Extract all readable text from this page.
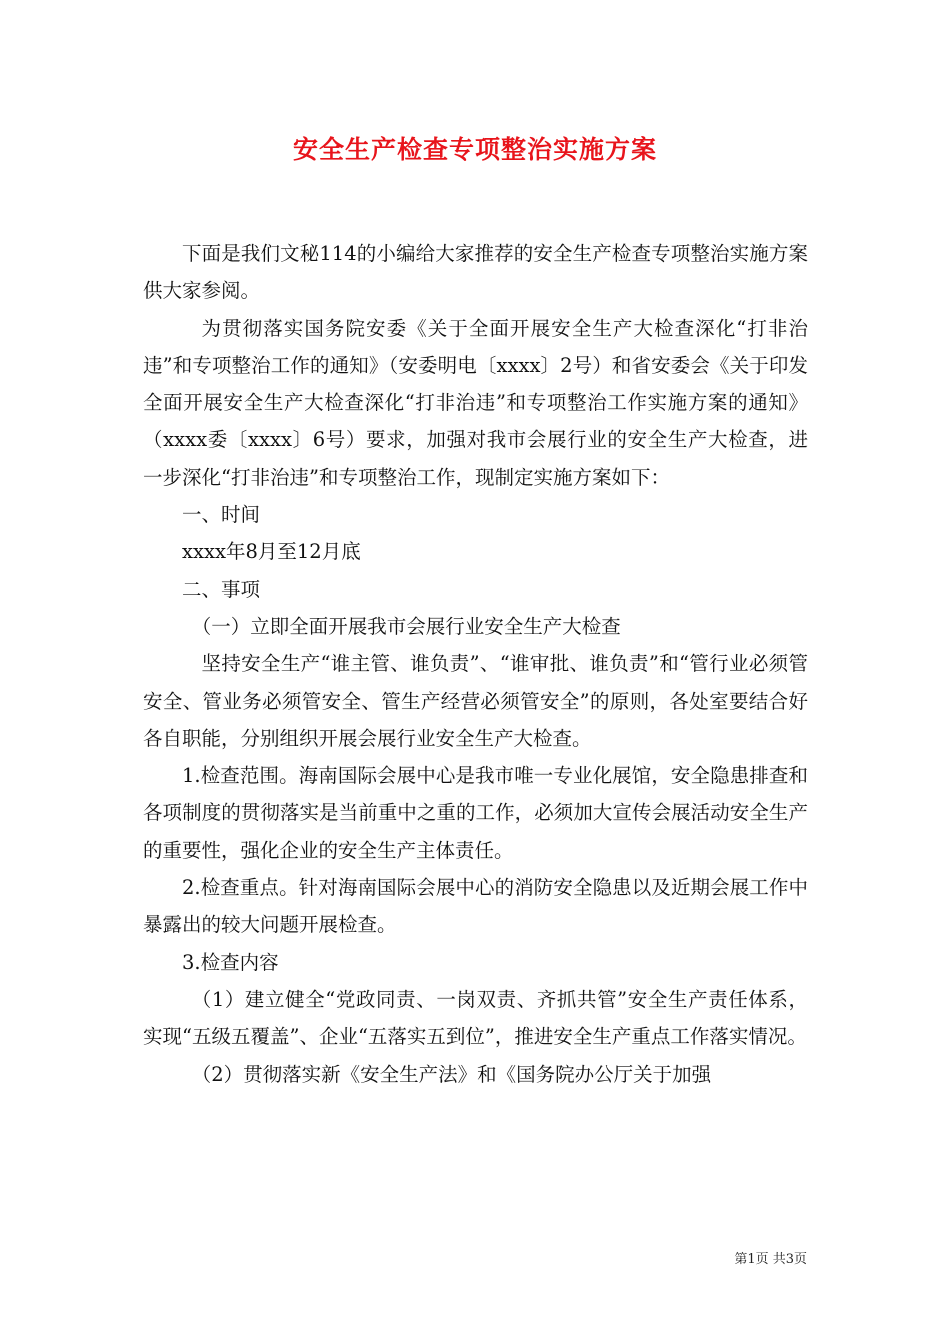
安全生产检查专项整治实施方案

下面是我们文秘114的小编给大家推荐的安全生产检查专项整治实施方案供大家参阅。

为贯彻落实国务院安委《关于全面开展安全生产大检查深化“打非治违”和专项整治工作的通知》（安委明电〔xxxx〕2号）和省安委会《关于印发全面开展安全生产大检查深化“打非治违”和专项整治工作实施方案的通知》（xxxx委〔xxxx〕6号）要求，加强对我市会展行业的安全生产大检查，进一步深化“打非治违”和专项整治工作，现制定实施方案如下：

一、时间

xxxx年8月至12月底

二、事项

（一）立即全面开展我市会展行业安全生产大检查

坚持安全生产“谁主管、谁负责”、“谁审批、谁负责”和“管行业必须管安全、管业务必须管安全、管生产经营必须管安全”的原则，各处室要结合好各自职能，分别组织开展会展行业安全生产大检查。

1.检查范围。海南国际会展中心是我市唯一专业化展馆，安全隐患排查和各项制度的贯彻落实是当前重中之重的工作，必须加大宣传会展活动安全生产的重要性，强化企业的安全生产主体责任。

2.检查重点。针对海南国际会展中心的消防安全隐患以及近期会展工作中暴露出的较大问题开展检查。

3.检查内容

（1）建立健全“党政同责、一岗双责、齐抓共管”安全生产责任体系，实现“五级五覆盖”、企业“五落实五到位”，推进安全生产重点工作落实情况。

（2）贯彻落实新《安全生产法》和《国务院办公厅关于加强

第1页 共3页
